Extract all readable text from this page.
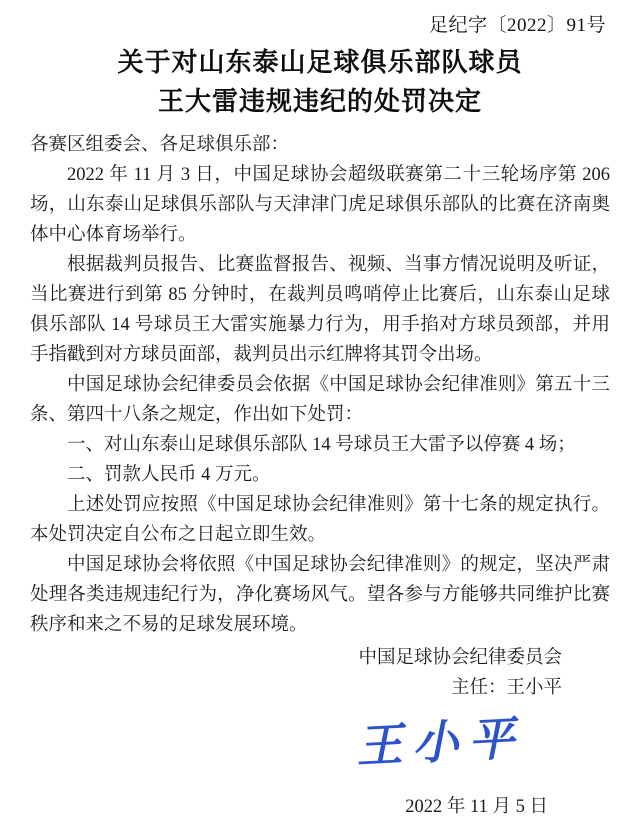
足纪字〔2022〕91号
关于对山东泰山足球俱乐部队球员
王大雷违规违纪的处罚决定
各赛区组委会、各足球俱乐部：

2022 年 11 月 3 日，中国足球协会超级联赛第二十三轮场序第 206 场，山东泰山足球俱乐部队与天津津门虎足球俱乐部队的比赛在济南奥体中心体育场举行。

根据裁判员报告、比赛监督报告、视频、当事方情况说明及听证，当比赛进行到第 85 分钟时，在裁判员鸣哨停止比赛后，山东泰山足球俱乐部队 14 号球员王大雷实施暴力行为，用手掐对方球员颈部，并用手指戳到对方球员面部，裁判员出示红牌将其罚令出场。

中国足球协会纪律委员会依据《中国足球协会纪律准则》第五十三条、第四十八条之规定，作出如下处罚：

一、对山东泰山足球俱乐部队 14 号球员王大雷予以停赛 4 场；

二、罚款人民币 4 万元。

上述处罚应按照《中国足球协会纪律准则》第十七条的规定执行。本处罚决定自公布之日起立即生效。

中国足球协会将依照《中国足球协会纪律准则》的规定，坚决严肃处理各类违规违纪行为，净化赛场风气。望各参与方能够共同维护比赛秩序和来之不易的足球发展环境。

中国足球协会纪律委员会
主任：王小平
王小平
2022 年 11 月 5 日
